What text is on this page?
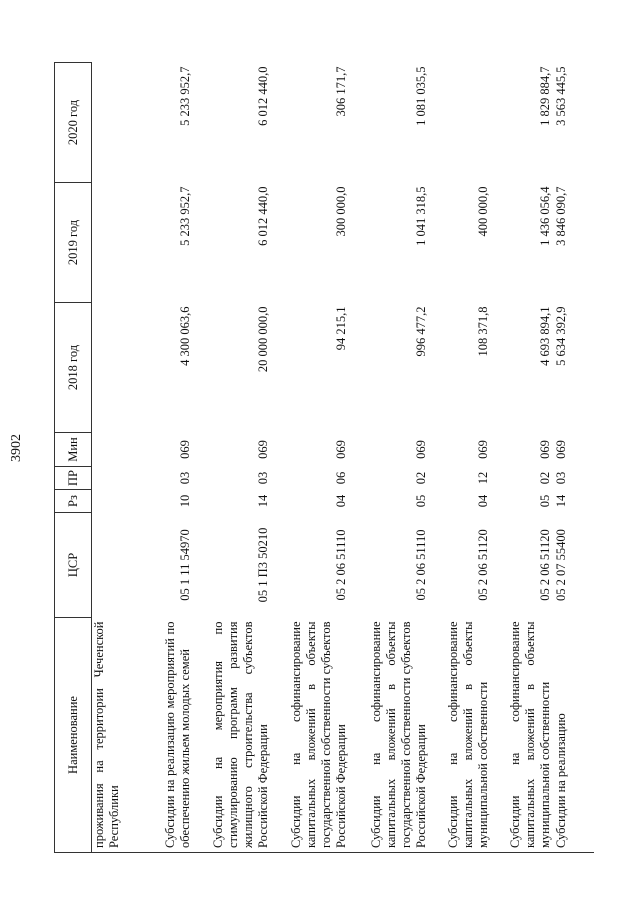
3902
Наименование	ЦСР	Рз	ПР	Мин	2018 год	2019 год	2020 год
проживания на территории Чеченской Республики							
Субсидии на реализацию мероприятий по обеспечению жильем молодых семей	05 1 11 54970	10	03	069	4 300 063,6	5 233 952,7	5 233 952,7
Субсидии на мероприятия по стимулированию программ развития жилищного строительства субъектов Российской Федерации	05 1 П3 50210	14	03	069	20 000 000,0	6 012 440,0	6 012 440,0
Субсидии на софинансирование капитальных вложений в объекты государственной собственности субъектов Российской Федерации	05 2 06 51110	04	06	069	94 215,1	300 000,0	306 171,7
Субсидии на софинансирование капитальных вложений в объекты государственной собственности субъектов Российской Федерации	05 2 06 51110	05	02	069	996 477,2	1 041 318,5	1 081 035,5
Субсидии на софинансирование капитальных вложений в объекты муниципальной собственности	05 2 06 51120	04	12	069	108 371,8	400 000,0	
Субсидии на софинансирование капитальных вложений в объекты муниципальной собственности	05 2 06 51120	05	02	069	4 693 894,1	1 436 056,4	1 829 884,7
Субсидии на реализацию	05 2 07 55400	14	03	069	5 634 392,9	3 846 090,7	3 563 445,5
